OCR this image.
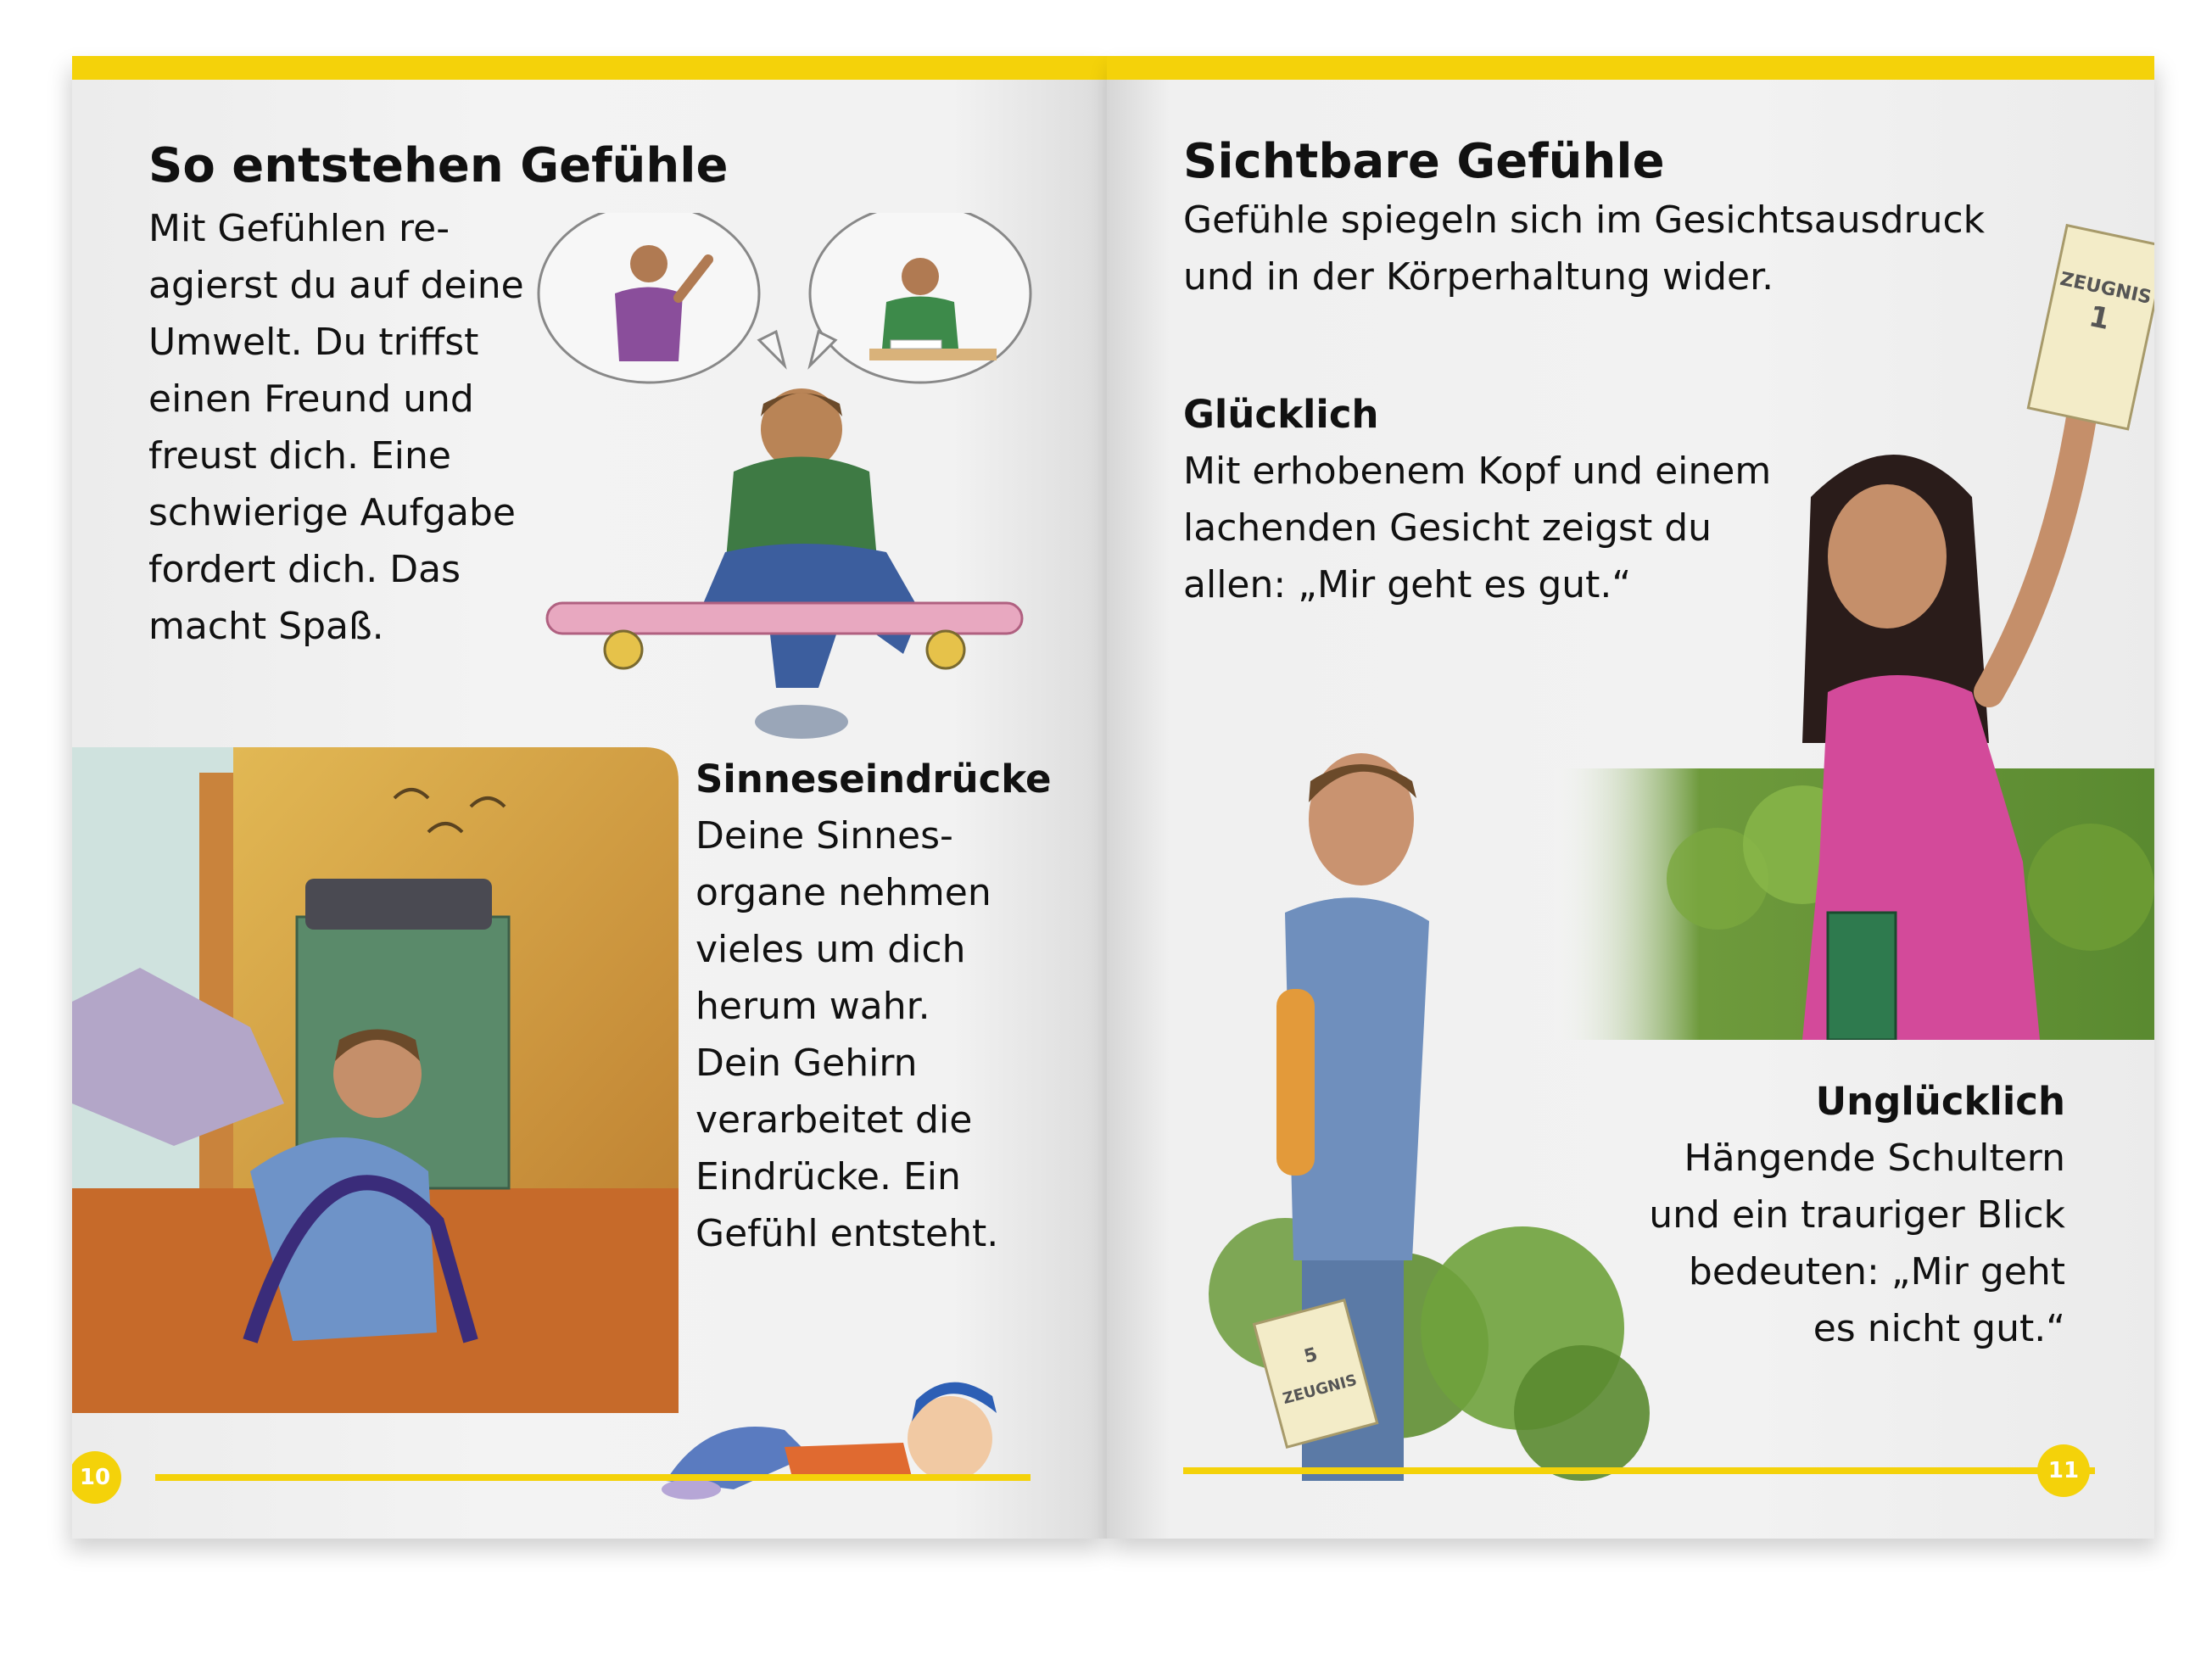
So entstehen Gefühle
Mit Gefühlen re-
agierst du auf deine
Umwelt. Du triffst
einen Freund und
freust dich. Eine
schwierige Aufgabe
fordert dich. Das
macht Spaß.
Sinneseindrücke
Deine Sinnes-
organe nehmen
vieles um dich
herum wahr.
Dein Gehirn
verarbeitet die
Eindrücke. Ein
Gefühl entsteht.
10
Sichtbare Gefühle
Gefühle spiegeln sich im Gesichtsausdruck
und in der Körperhaltung wider.
Glücklich
Mit erhobenem Kopf und einem
lachenden Gesicht zeigst du
allen: „Mir geht es gut.“
ZEUGNIS
1
5
ZEUGNIS
Unglücklich
Hängende Schultern
und ein trauriger Blick
bedeuten: „Mir geht
es nicht gut.“
11
